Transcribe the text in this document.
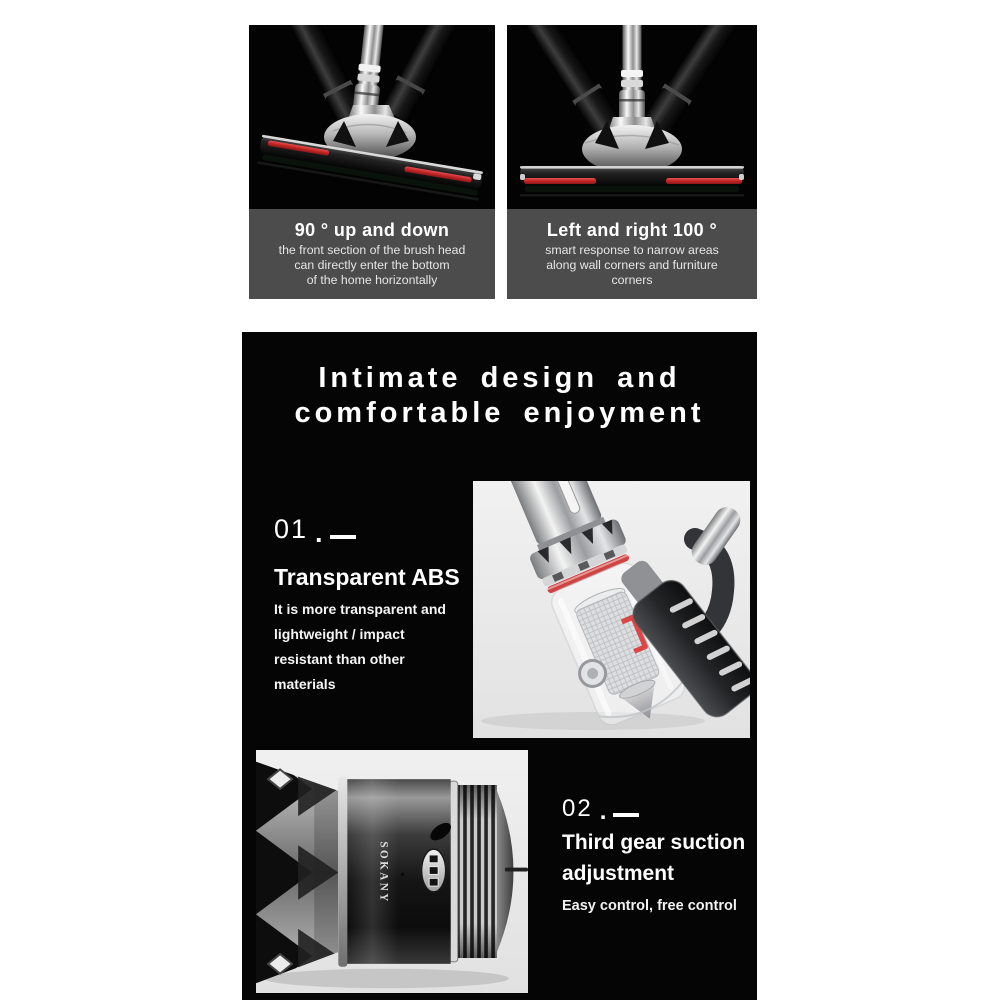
90 ° up and down
the front section of the brush head
can directly enter the bottom
of the home horizontally
Left and right 100 °
smart response to narrow areas
along wall corners and furniture
corners
Intimate design and
comfortable enjoyment
01 .
Transparent ABS
It is more transparent and
lightweight / impact
resistant than other
materials
SOKANY
02 .
Third gear suction
adjustment
Easy control, free control
